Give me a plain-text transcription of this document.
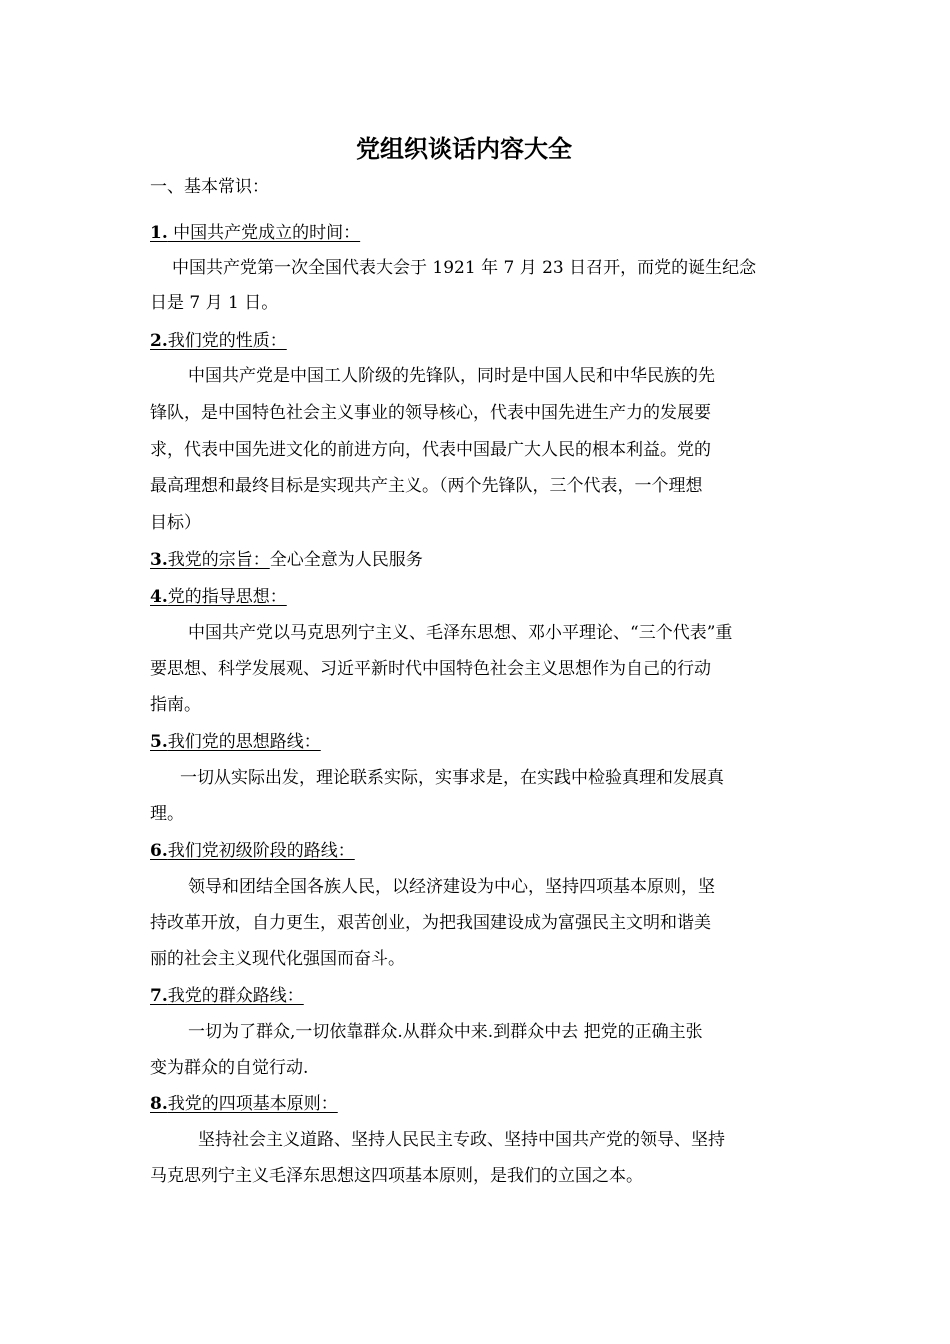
党组织谈话内容大全
一、基本常识：
1. 中国共产党成立的时间：
中国共产党第一次全国代表大会于 1921 年 7 月 23 日召开，而党的诞生纪念
日是 7 月 1 日。
2.我们党的性质：
中国共产党是中国工人阶级的先锋队，同时是中国人民和中华民族的先
锋队，是中国特色社会主义事业的领导核心，代表中国先进生产力的发展要
求，代表中国先进文化的前进方向，代表中国最广大人民的根本利益。党的
最高理想和最终目标是实现共产主义。（两个先锋队，三个代表，一个理想
目标）
3.我党的宗旨：全心全意为人民服务
4.党的指导思想：
中国共产党以马克思列宁主义、毛泽东思想、邓小平理论、“三个代表”重
要思想、科学发展观、习近平新时代中国特色社会主义思想作为自己的行动
指南。
5.我们党的思想路线：
一切从实际出发，理论联系实际，实事求是，在实践中检验真理和发展真
理。
6.我们党初级阶段的路线：
领导和团结全国各族人民，以经济建设为中心，坚持四项基本原则，坚
持改革开放，自力更生，艰苦创业，为把我国建设成为富强民主文明和谐美
丽的社会主义现代化强国而奋斗。
7.我党的群众路线：
一切为了群众,一切依靠群众.从群众中来.到群众中去 把党的正确主张
变为群众的自觉行动.
8.我党的四项基本原则：
坚持社会主义道路、坚持人民民主专政、坚持中国共产党的领导、坚持
马克思列宁主义毛泽东思想这四项基本原则，是我们的立国之本。
